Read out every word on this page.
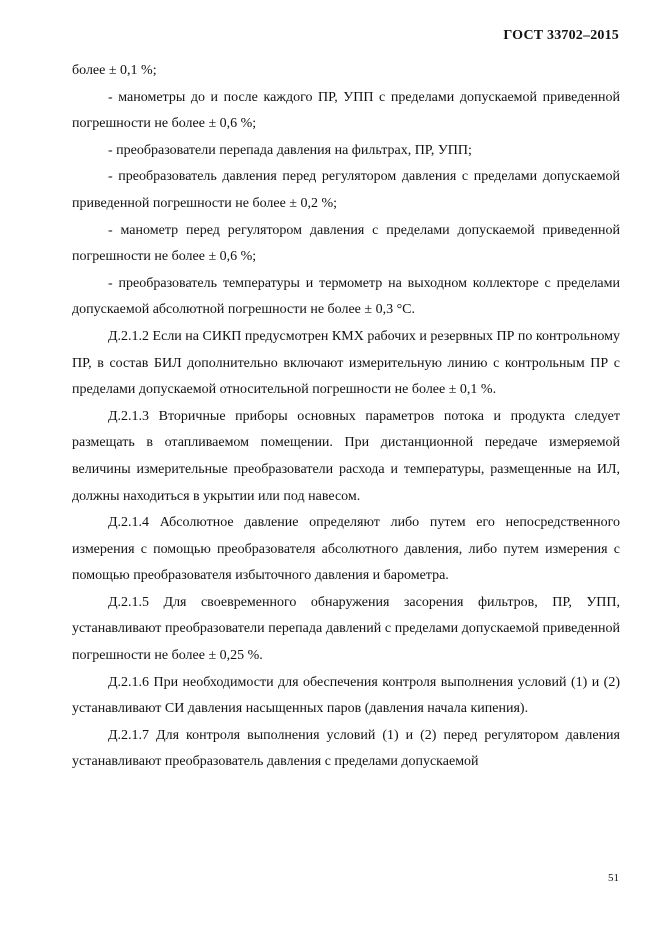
ГОСТ 33702–2015

более ± 0,1 %;

- манометры до и после каждого ПР, УПП с пределами допускаемой приведенной погрешности не более ± 0,6 %;

- преобразователи перепада давления на фильтрах, ПР, УПП;

- преобразователь давления перед регулятором давления с пределами допускаемой приведенной погрешности не более ± 0,2 %;

- манометр перед регулятором давления с пределами допускаемой приведенной погрешности не более ± 0,6 %;

- преобразователь температуры и термометр на выходном коллекторе с пределами допускаемой абсолютной погрешности не более ± 0,3 °С.

Д.2.1.2 Если на СИКП предусмотрен КМХ рабочих и резервных ПР по контрольному ПР, в состав БИЛ дополнительно включают измерительную линию с контрольным ПР с пределами допускаемой относительной погрешности не более ± 0,1 %.

Д.2.1.3 Вторичные приборы основных параметров потока и продукта следует размещать в отапливаемом помещении. При дистанционной передаче измеряемой величины измерительные преобразователи расхода и температуры, размещенные на ИЛ, должны находиться в укрытии или под навесом.

Д.2.1.4 Абсолютное давление определяют либо путем его непосредственного измерения с помощью преобразователя абсолютного давления, либо путем измерения с помощью преобразователя избыточного давления и барометра.

Д.2.1.5 Для своевременного обнаружения засорения фильтров, ПР, УПП, устанавливают преобразователи перепада давлений с пределами допускаемой приведенной погрешности не более ± 0,25 %.

Д.2.1.6 При необходимости для обеспечения контроля выполнения условий (1) и (2) устанавливают СИ давления насыщенных паров (давления начала кипения).

Д.2.1.7 Для контроля выполнения условий (1) и (2) перед регулятором давления устанавливают преобразователь давления с пределами допускаемой

51
